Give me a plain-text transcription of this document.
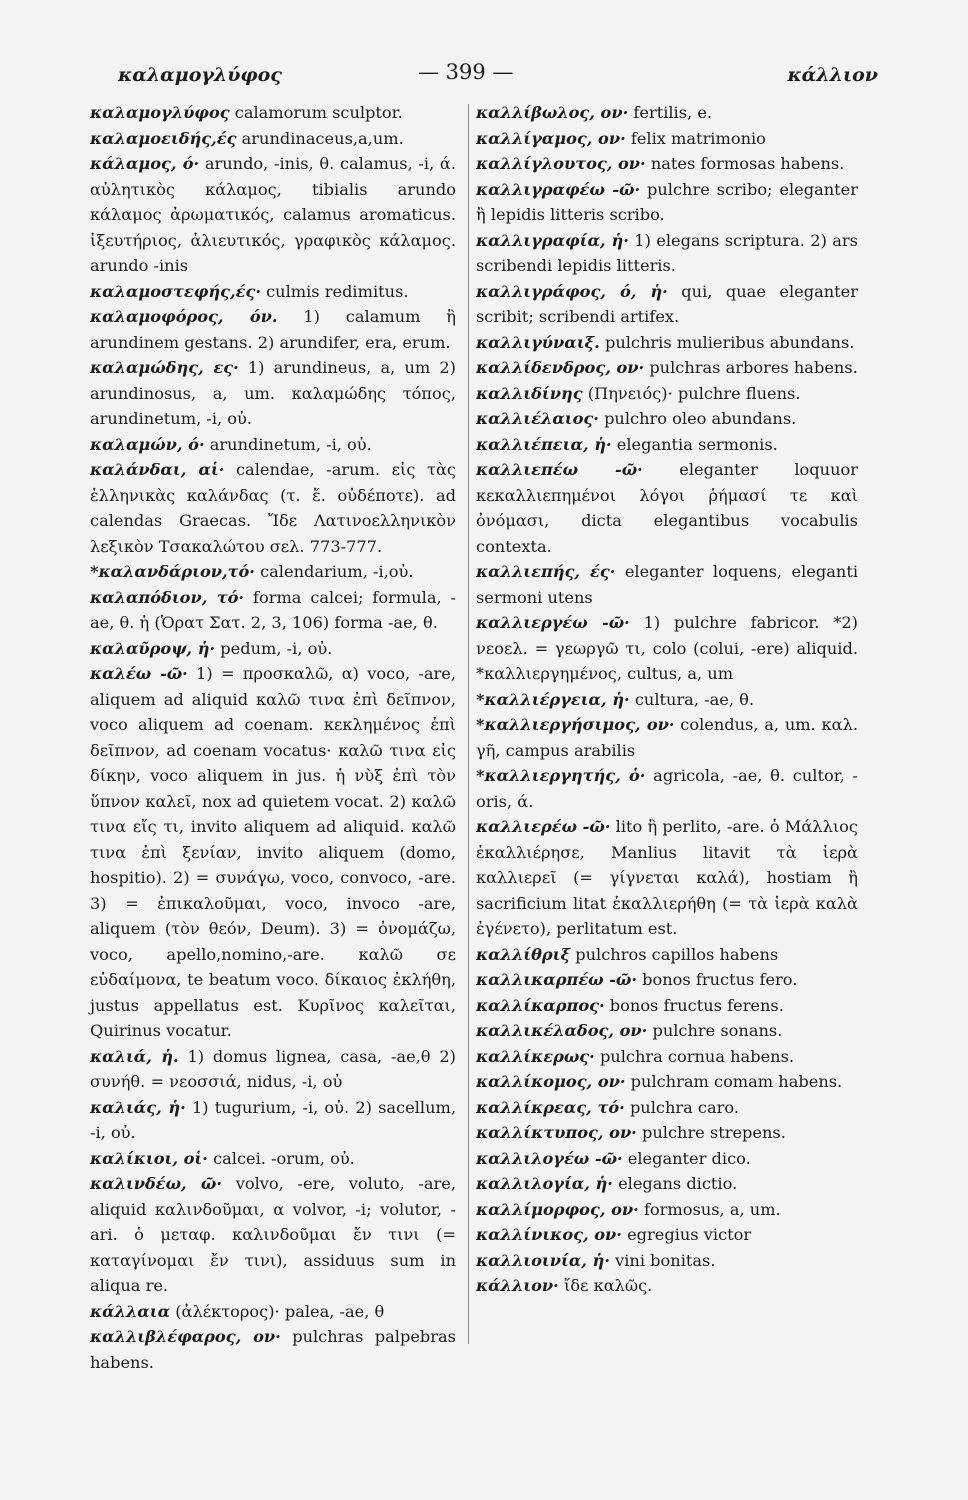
καλαμογλύφος	— 399 —	κάλλιον

καλαμογλύφος calamorum sculptor.

καλαμοειδής,ές arundinaceus,a,um.

κάλαμος, ό· arundo, -inis, θ. calamus, -i, ά. αὐλητικὸς κάλαμος, tibialis arundo κάλαμος ἀρωματικός, calamus aromaticus. ἱξευτήριος, ἁλιευτικός, γραφικὸς κάλαμος. arundo -inis

καλαμοστεφής,ές· culmis redimitus.

καλαμοφόρος, όν. 1) calamum ἢ arundinem gestans. 2) arundifer, era, erum.

καλαμώδης, ες· 1) arundineus, a, um 2) arundinosus, a, um. καλαμώδης τόπος, arundinetum, -i, οὐ.

καλαμών, ό· arundinetum, -i, οὐ.

καλάνδαι, αἱ· calendae, -arum. εἰς τὰς ἑλληνικὰς καλάνδας (τ. ἔ. οὐδέποτε). ad calendas Graecas. Ἴδε Λατινοελληνικὸν λεξικὸν Τσακαλώτου σελ. 773-777.

*καλανδάριον,τό· calendarium, -i,οὐ.

καλαπόδιον, τό· forma calcei; formula, -ae, θ. ἡ (Ὁρατ Σατ. 2, 3, 106) forma -ae, θ.

καλαῦροψ, ἡ· pedum, -i, οὐ.

καλέω -ῶ· 1) = προσκαλῶ, α) voco, -are, aliquem ad aliquid καλῶ τινα ἐπὶ δεῖπνον, voco aliquem ad coenam. κεκλημένος ἐπὶ δεῖπνον, ad coenam vocatus· καλῶ τινα εἰς δίκην, voco aliquem in jus. ἡ νὺξ ἐπὶ τὸν ὕπνον καλεῖ, nox ad quietem vocat. 2) καλῶ τινα εἴς τι, invito aliquem ad aliquid. καλῶ τινα ἐπὶ ξενίαν, invito aliquem (domo, hospitio). 2) = συνάγω, voco, convoco, -are. 3) = ἐπικαλοῦμαι, voco, invoco -are, aliquem (τὸν θεόν, Deum). 3) = ὀνομάζω, voco, apello,nomino,-are. καλῶ σε εὐδαίμονα, te beatum voco. δίκαιος ἐκλήθη, justus appellatus est. Κυρῖνος καλεῖται, Quirinus vocatur.

καλιά, ἡ. 1) domus lignea, casa, -ae,θ 2) συνήθ. = νεοσσιά, nidus, -i, οὐ

καλιάς, ἡ· 1) tugurium, -i, οὐ. 2) sacellum, -i, οὐ.

καλίκιοι, οἱ· calcei. -orum, οὐ.

καλινδέω, ῶ· volvo, -ere, voluto, -are, aliquid καλινδοῦμαι, α volvor, -i; volutor, -ari. ὁ μεταφ. καλινδοῦμαι ἔν τινι (= καταγίνομαι ἔν τινι), assiduus sum in aliqua re.

κάλλαια (ἀλέκτορος)· palea, -ae, θ

καλλιβλέφαρος, ον· pulchras palpebras habens.

καλλίβωλος, ον· fertilis, e.

καλλίγαμος, ον· felix matrimonio

καλλίγλουτος, ον· nates formosas habens.

καλλιγραφέω -ῶ· pulchre scribo; eleganter ἢ lepidis litteris scribo.

καλλιγραφία, ἡ· 1) elegans scriptura. 2) ars scribendi lepidis litteris.

καλλιγράφος, ό, ἡ· qui, quae eleganter scribit; scribendi artifex.

καλλιγύναιξ. pulchris mulieribus abundans.

καλλίδενδρος, ον· pulchras arbores habens.

καλλιδίνης (Πηνειός)· pulchre fluens.

καλλιέλαιος· pulchro oleo abundans.

καλλιέπεια, ἡ· elegantia sermonis.

καλλιεπέω -ῶ· eleganter loquuor κεκαλλιεπημένοι λόγοι ῥήμασί τε καὶ ὀνόμασι, dicta elegantibus vocabulis contexta.

καλλιεπής, ές· eleganter loquens, eleganti sermoni utens

καλλιεργέω -ῶ· 1) pulchre fabricor. *2) νεοελ. = γεωργῶ τι, colo (colui, -ere) aliquid. *καλλιεργημένος, cultus, a, um

*καλλιέργεια, ἡ· cultura, -ae, θ.

*καλλιεργήσιμος, ον· colendus, a, um. καλ. γῆ, campus arabilis

*καλλιεργητής, ὁ· agricola, -ae, θ. cultor, -oris, ά.

καλλιερέω -ῶ· lito ἢ perlito, -are. ὁ Μάλλιος ἐκαλλιέρησε, Manlius litavit τὰ ἱερὰ καλλιερεῖ (= γίγνεται καλά), hostiam ἢ sacrificium litat ἐκαλλιερήθη (= τὰ ἱερὰ καλὰ ἐγένετο), perlitatum est.

καλλίθριξ pulchros capillos habens

καλλικαρπέω -ῶ· bonos fructus fero.

καλλίκαρπος· bonos fructus ferens.

καλλικέλαδος, ον· pulchre sonans.

καλλίκερως· pulchra cornua habens.

καλλίκομος, ον· pulchram comam habens.

καλλίκρεας, τό· pulchra caro.

καλλίκτυπος, ον· pulchre strepens.

καλλιλογέω -ῶ· eleganter dico.

καλλιλογία, ἡ· elegans dictio.

καλλίμορφος, ον· formosus, a, um.

καλλίνικος, ον· egregius victor

καλλιοινία, ἡ· vini bonitas.

κάλλιον· ἴδε καλῶς.
